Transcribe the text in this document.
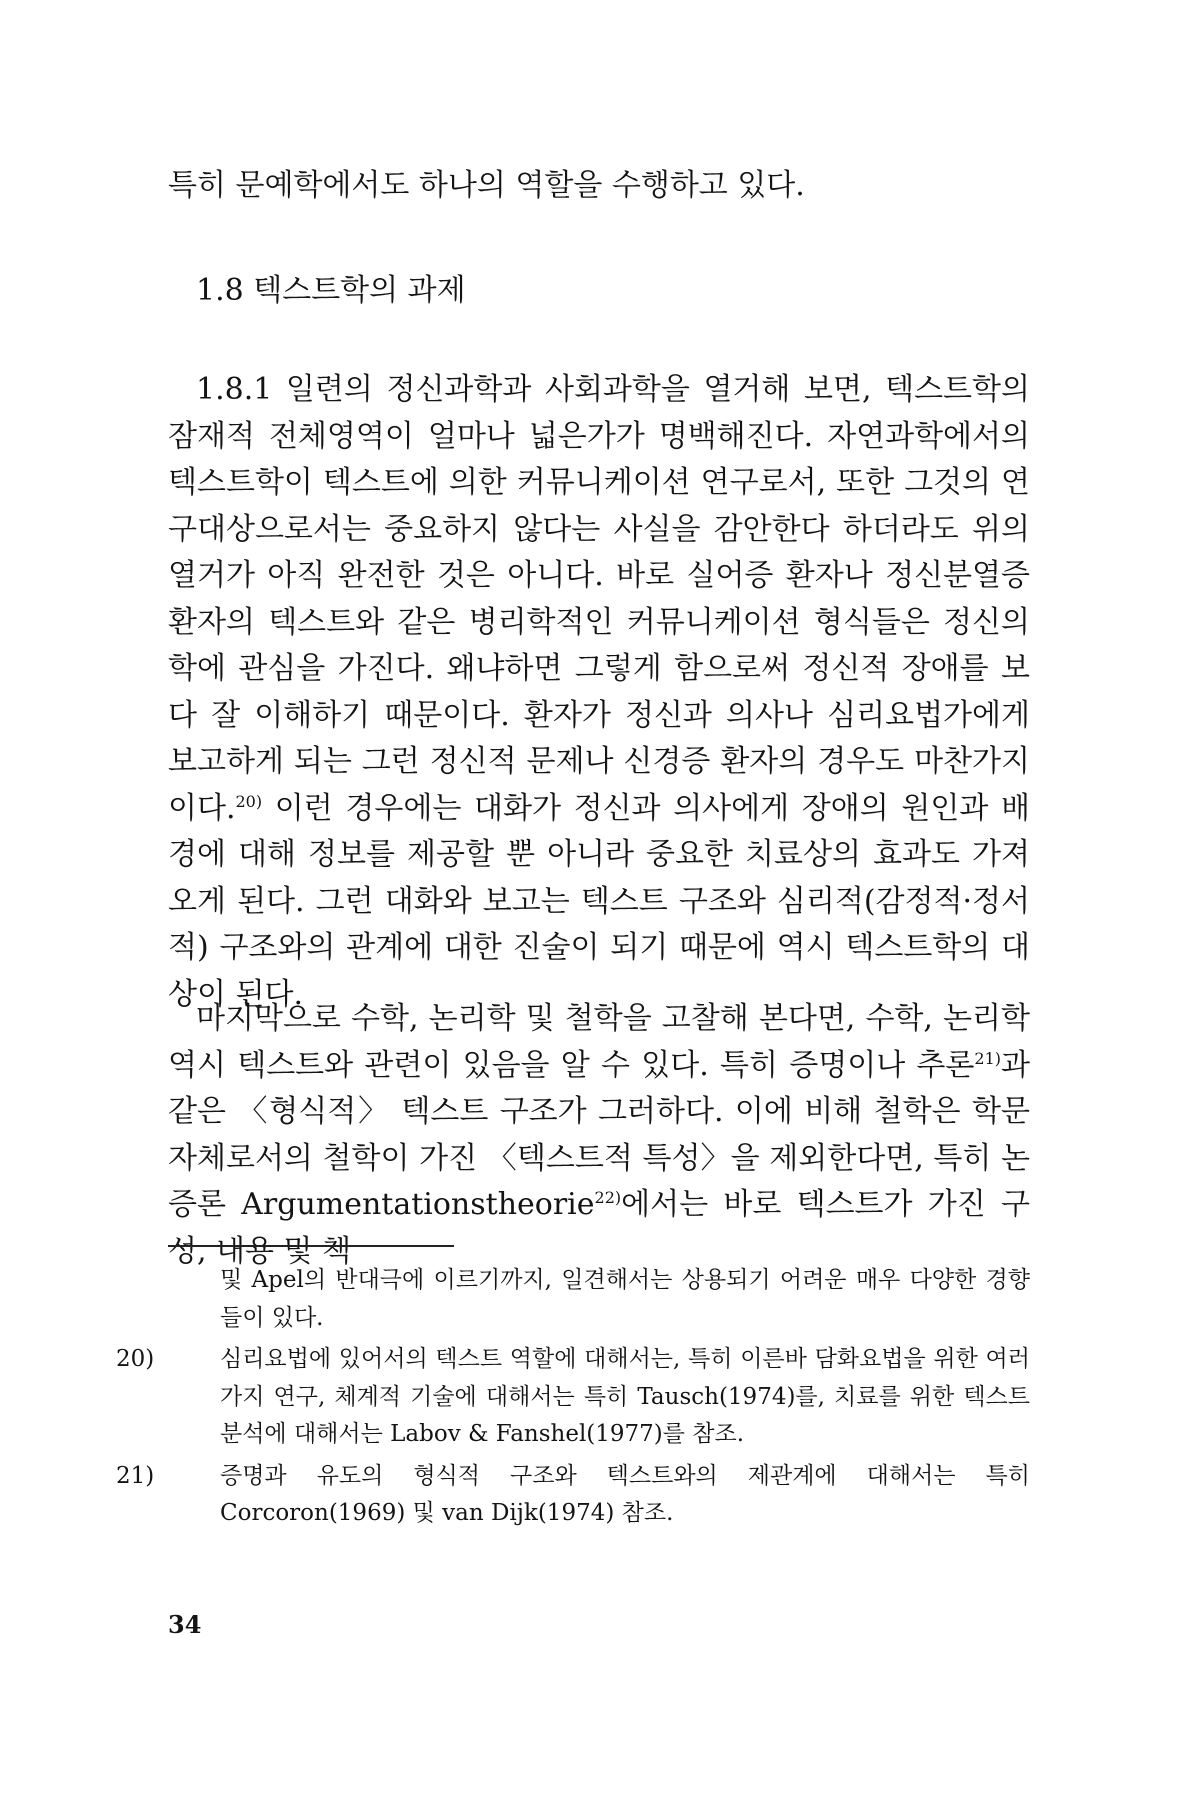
특히 문예학에서도 하나의 역할을 수행하고 있다.

1.8 텍스트학의 과제

1.8.1 일련의 정신과학과 사회과학을 열거해 보면, 텍스트학의 잠재적 전체영역이 얼마나 넓은가가 명백해진다. 자연과학에서의 텍스트학이 텍스트에 의한 커뮤니케이션 연구로서, 또한 그것의 연구대상으로서는 중요하지 않다는 사실을 감안한다 하더라도 위의 열거가 아직 완전한 것은 아니다. 바로 실어증 환자나 정신분열증 환자의 텍스트와 같은 병리학적인 커뮤니케이션 형식들은 정신의학에 관심을 가진다. 왜냐하면 그렇게 함으로써 정신적 장애를 보다 잘 이해하기 때문이다. 환자가 정신과 의사나 심리요법가에게 보고하게 되는 그런 정신적 문제나 신경증 환자의 경우도 마찬가지이다.$^{20)}$ 이런 경우에는 대화가 정신과 의사에게 장애의 원인과 배경에 대해 정보를 제공할 뿐 아니라 중요한 치료상의 효과도 가져오게 된다. 그런 대화와 보고는 텍스트 구조와 심리적(감정적·정서적) 구조와의 관계에 대한 진술이 되기 때문에 역시 텍스트학의 대상이 된다.

마지막으로 수학, 논리학 및 철학을 고찰해 본다면, 수학, 논리학 역시 텍스트와 관련이 있음을 알 수 있다. 특히 증명이나 추론$^{21)}$과 같은 〈형식적〉 텍스트 구조가 그러하다. 이에 비해 철학은 학문 자체로서의 철학이 가진 〈텍스트적 특성〉을 제외한다면, 특히 논증론 Argumentationstheorie$^{22)}$에서는 바로 텍스트가 가진 구성, 내용 및 책

및 Apel의 반대극에 이르기까지, 일견해서는 상용되기 어려운 매우 다양한 경향들이 있다.

20)	심리요법에 있어서의 텍스트 역할에 대해서는, 특히 이른바 담화요법을 위한 여러 가지 연구, 체계적 기술에 대해서는 특히 Tausch(1974)를, 치료를 위한 텍스트 분석에 대해서는 Labov & Fanshel(1977)를 참조.

21)	증명과 유도의 형식적 구조와 텍스트와의 제관계에 대해서는 특히 Corcoron(1969) 및 van Dijk(1974) 참조.

34
